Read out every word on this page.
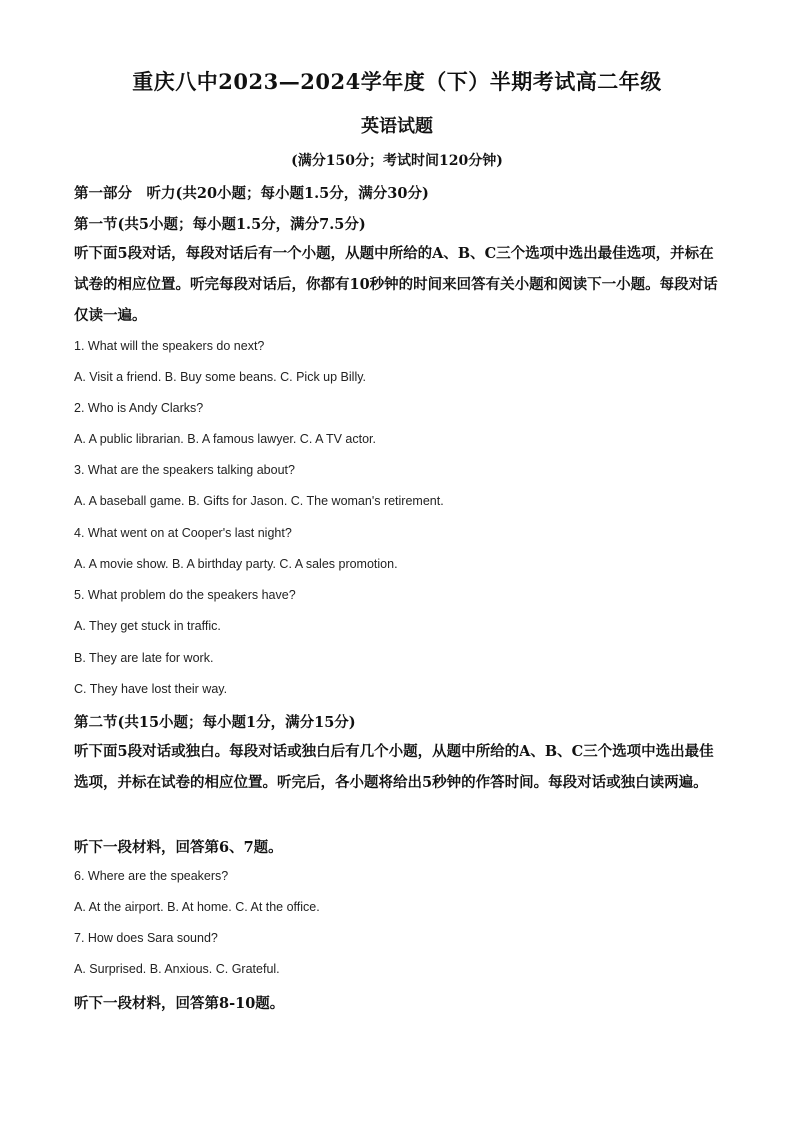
重庆八中2023—2024学年度（下）半期考试高二年级
英语试题
(满分150分；考试时间120分钟)
第一部分　听力(共20小题；每小题1.5分，满分30分)
第一节(共5小题；每小题1.5分，满分7.5分)
听下面5段对话，每段对话后有一个小题，从题中所给的A、B、C三个选项中选出最佳选项，并标在试卷的相应位置。听完每段对话后，你都有10秒钟的时间来回答有关小题和阅读下一小题。每段对话仅读一遍。
1. What will the speakers do next?
A. Visit a friend. B. Buy some beans. C. Pick up Billy.
2. Who is Andy Clarks?
A. A public librarian. B. A famous lawyer. C. A TV actor.
3. What are the speakers talking about?
A. A baseball game. B. Gifts for Jason. C. The woman's retirement.
4. What went on at Cooper's last night?
A. A movie show. B. A birthday party. C. A sales promotion.
5. What problem do the speakers have?
A. They get stuck in traffic.
B. They are late for work.
C. They have lost their way.
第二节(共15小题；每小题1分，满分15分)
听下面5段对话或独白。每段对话或独白后有几个小题，从题中所给的A、B、C三个选项中选出最佳选项，并标在试卷的相应位置。听完后，各小题将给出5秒钟的作答时间。每段对话或独白读两遍。
听下一段材料，回答第6、7题。
6. Where are the speakers?
A. At the airport. B. At home. C. At the office.
7. How does Sara sound?
A. Surprised. B. Anxious. C. Grateful.
听下一段材料，回答第8-10题。
